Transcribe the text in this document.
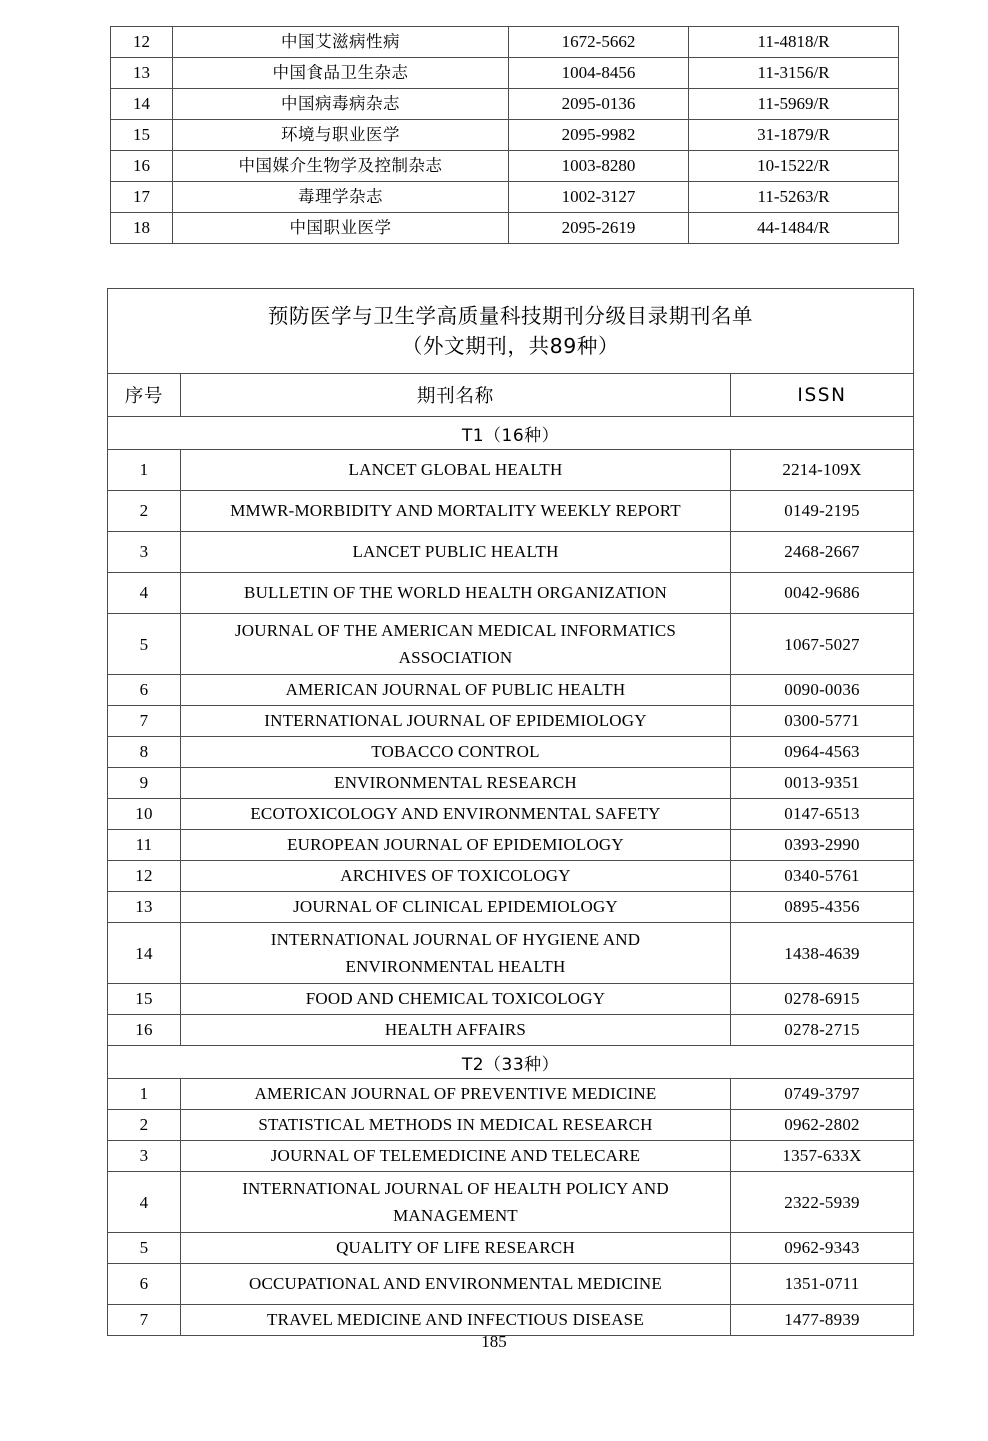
12	中国艾滋病性病	1672-5662	11-4818/R
13	中国食品卫生杂志	1004-8456	11-3156/R
14	中国病毒病杂志	2095-0136	11-5969/R
15	环境与职业医学	2095-9982	31-1879/R
16	中国媒介生物学及控制杂志	1003-8280	10-1522/R
17	毒理学杂志	1002-3127	11-5263/R
18	中国职业医学	2095-2619	44-1484/R
预防医学与卫生学高质量科技期刊分级目录期刊名单
（外文期刊，共89种）		

序号	期刊名称	ISSN
T1（16种）		
1	LANCET GLOBAL HEALTH	2214-109X
2	MMWR-MORBIDITY AND MORTALITY WEEKLY REPORT	0149-2195
3	LANCET PUBLIC HEALTH	2468-2667
4	BULLETIN OF THE WORLD HEALTH ORGANIZATION	0042-9686
5	JOURNAL OF THE AMERICAN MEDICAL INFORMATICS
ASSOCIATION	1067-5027
6	AMERICAN JOURNAL OF PUBLIC HEALTH	0090-0036
7	INTERNATIONAL JOURNAL OF EPIDEMIOLOGY	0300-5771
8	TOBACCO CONTROL	0964-4563
9	ENVIRONMENTAL RESEARCH	0013-9351
10	ECOTOXICOLOGY AND ENVIRONMENTAL SAFETY	0147-6513
11	EUROPEAN JOURNAL OF EPIDEMIOLOGY	0393-2990
12	ARCHIVES OF TOXICOLOGY	0340-5761
13	JOURNAL OF CLINICAL EPIDEMIOLOGY	0895-4356
14	INTERNATIONAL JOURNAL OF HYGIENE AND
ENVIRONMENTAL HEALTH	1438-4639
15	FOOD AND CHEMICAL TOXICOLOGY	0278-6915
16	HEALTH AFFAIRS	0278-2715
T2（33种）		
1	AMERICAN JOURNAL OF PREVENTIVE MEDICINE	0749-3797
2	STATISTICAL METHODS IN MEDICAL RESEARCH	0962-2802
3	JOURNAL OF TELEMEDICINE AND TELECARE	1357-633X
4	INTERNATIONAL JOURNAL OF HEALTH POLICY AND
MANAGEMENT	2322-5939
5	QUALITY OF LIFE RESEARCH	0962-9343
6	OCCUPATIONAL AND ENVIRONMENTAL MEDICINE	1351-0711
7	TRAVEL MEDICINE AND INFECTIOUS DISEASE	1477-8939
185
